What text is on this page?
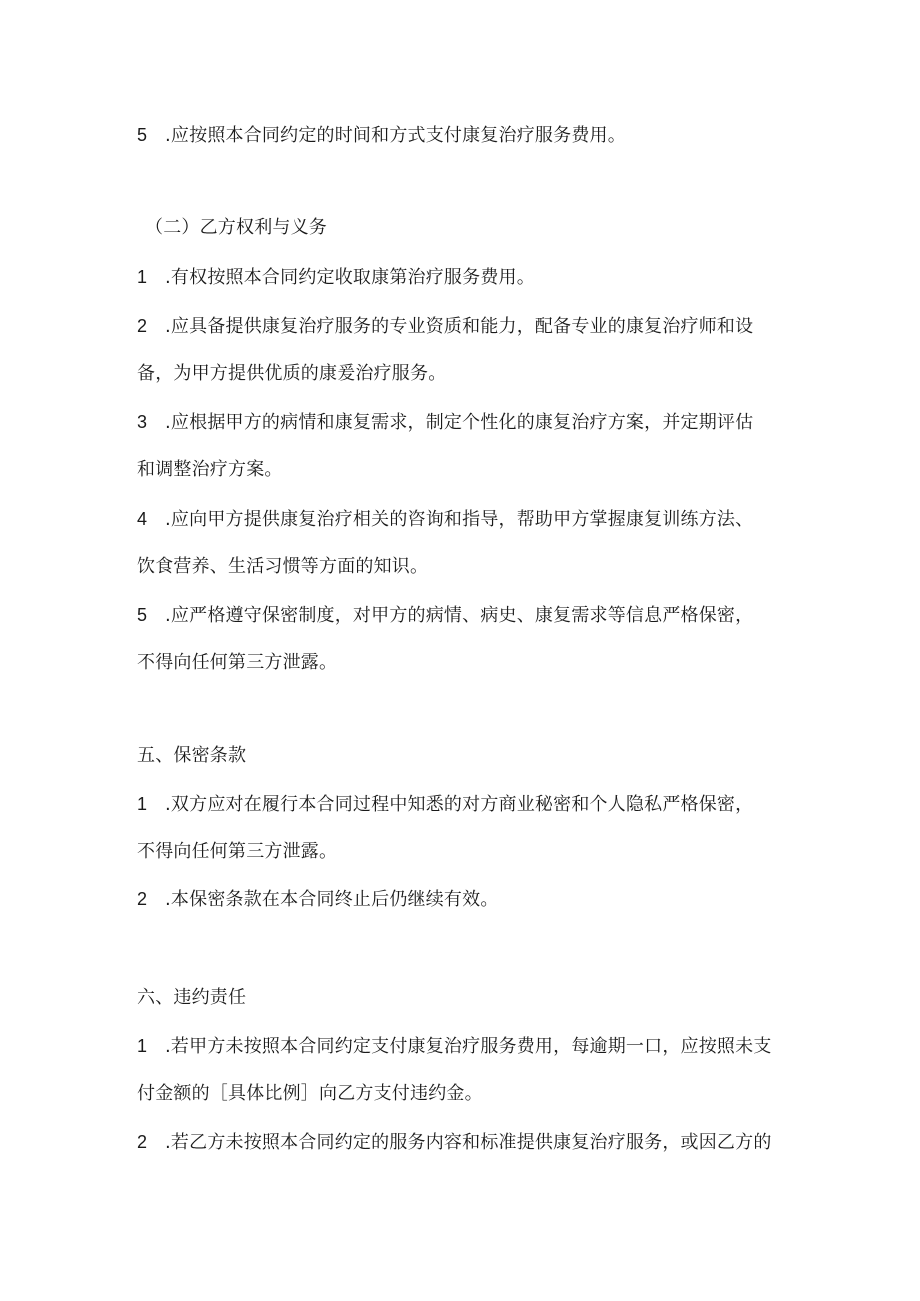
5 .应按照本合同约定的时间和方式支付康复治疗服务费用。
（二）乙方权利与义务
1 .有权按照本合同约定收取康第治疗服务费用。
2 .应具备提供康复治疗服务的专业资质和能力，配备专业的康复治疗师和设
备，为甲方提供优质的康爰治疗服务。
3 .应根据甲方的病情和康复需求，制定个性化的康复治疗方案，并定期评估
和调整治疗方案。
4 .应向甲方提供康复治疗相关的咨询和指导，帮助甲方掌握康复训练方法、
饮食营养、生活习惯等方面的知识。
5 .应严格遵守保密制度，对甲方的病情、病史、康复需求等信息严格保密，
不得向任何第三方泄露。
五、保密条款
1 .双方应对在履行本合同过程中知悉的对方商业秘密和个人隐私严格保密，
不得向任何第三方泄露。
2 .本保密条款在本合同终止后仍继续有效。
六、违约责任
1 .若甲方未按照本合同约定支付康复治疗服务费用，每逾期一口，应按照未支
付金额的［具体比例］向乙方支付违约金。
2 .若乙方未按照本合同约定的服务内容和标准提供康复治疗服务，或因乙方的
